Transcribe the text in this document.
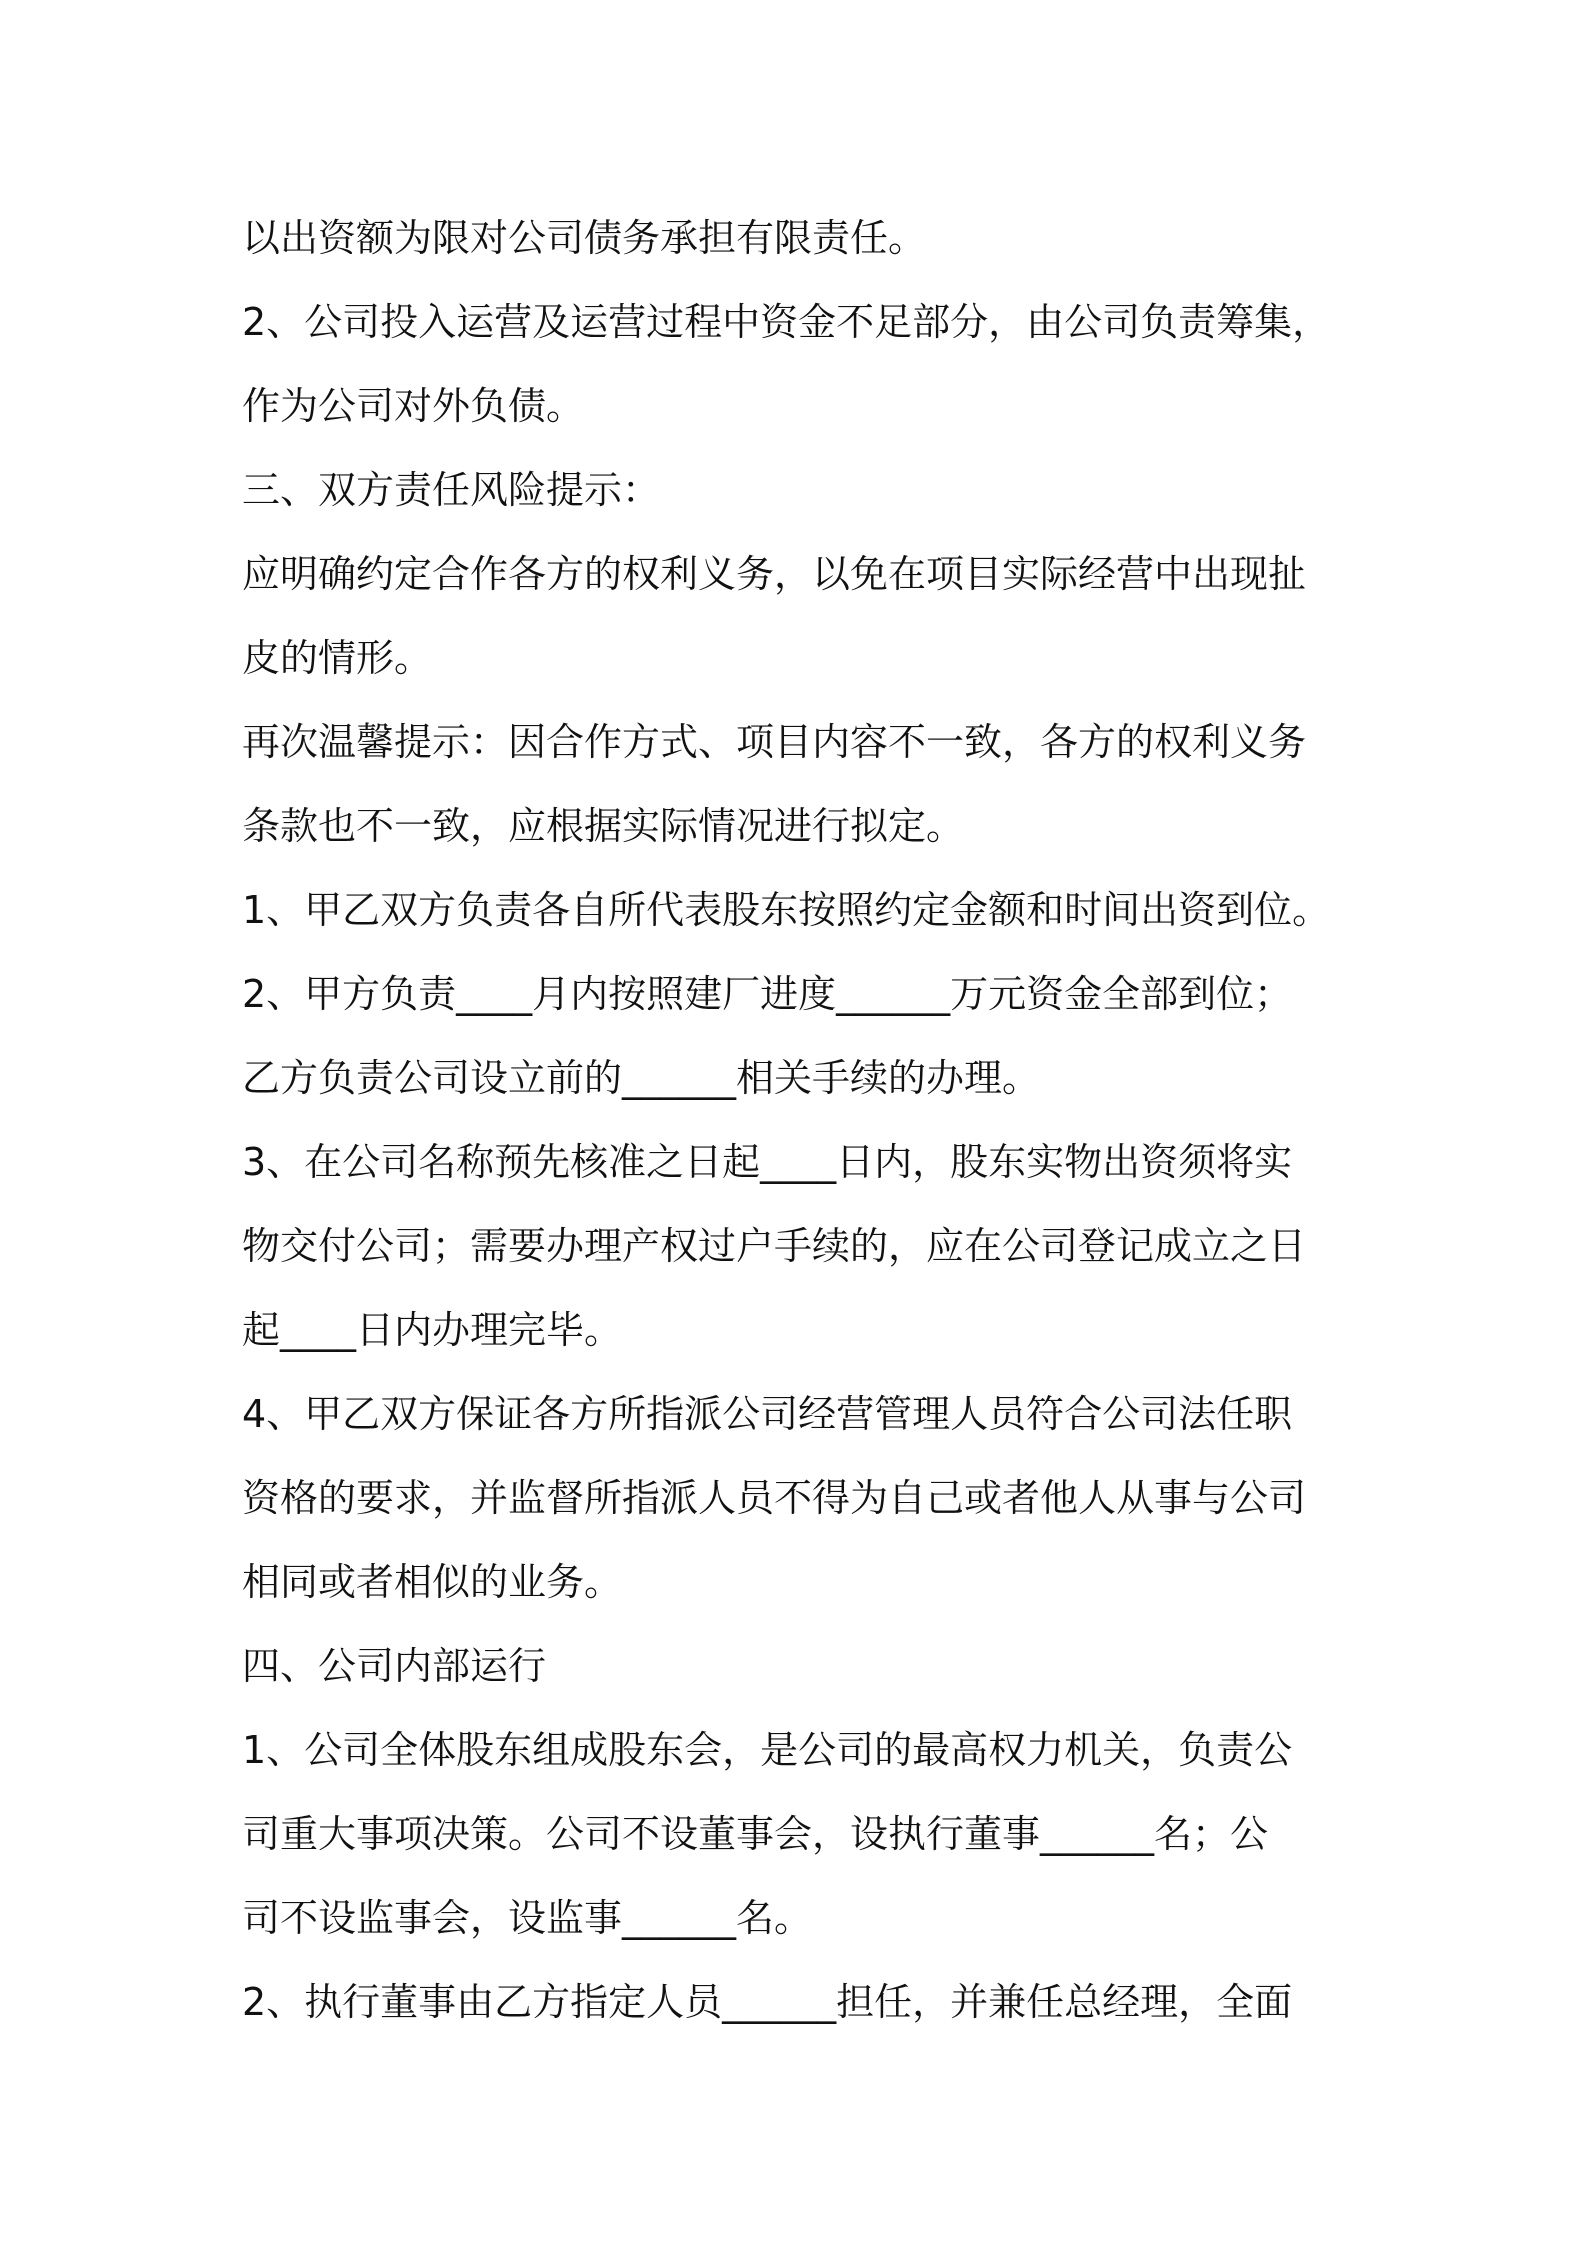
以出资额为限对公司债务承担有限责任。
2、公司投入运营及运营过程中资金不足部分，由公司负责筹集，
作为公司对外负债。
三、双方责任风险提示：
应明确约定合作各方的权利义务，以免在项目实际经营中出现扯
皮的情形。
再次温馨提示：因合作方式、项目内容不一致，各方的权利义务
条款也不一致，应根据实际情况进行拟定。
1、甲乙双方负责各自所代表股东按照约定金额和时间出资到位。
2、甲方负责____月内按照建厂进度______万元资金全部到位；
乙方负责公司设立前的______相关手续的办理。
3、在公司名称预先核准之日起____日内，股东实物出资须将实
物交付公司；需要办理产权过户手续的，应在公司登记成立之日
起____日内办理完毕。
4、甲乙双方保证各方所指派公司经营管理人员符合公司法任职
资格的要求，并监督所指派人员不得为自己或者他人从事与公司
相同或者相似的业务。
四、公司内部运行
1、公司全体股东组成股东会，是公司的最高权力机关，负责公
司重大事项决策。公司不设董事会，设执行董事______名；公
司不设监事会，设监事______名。
2、执行董事由乙方指定人员______担任，并兼任总经理，全面
